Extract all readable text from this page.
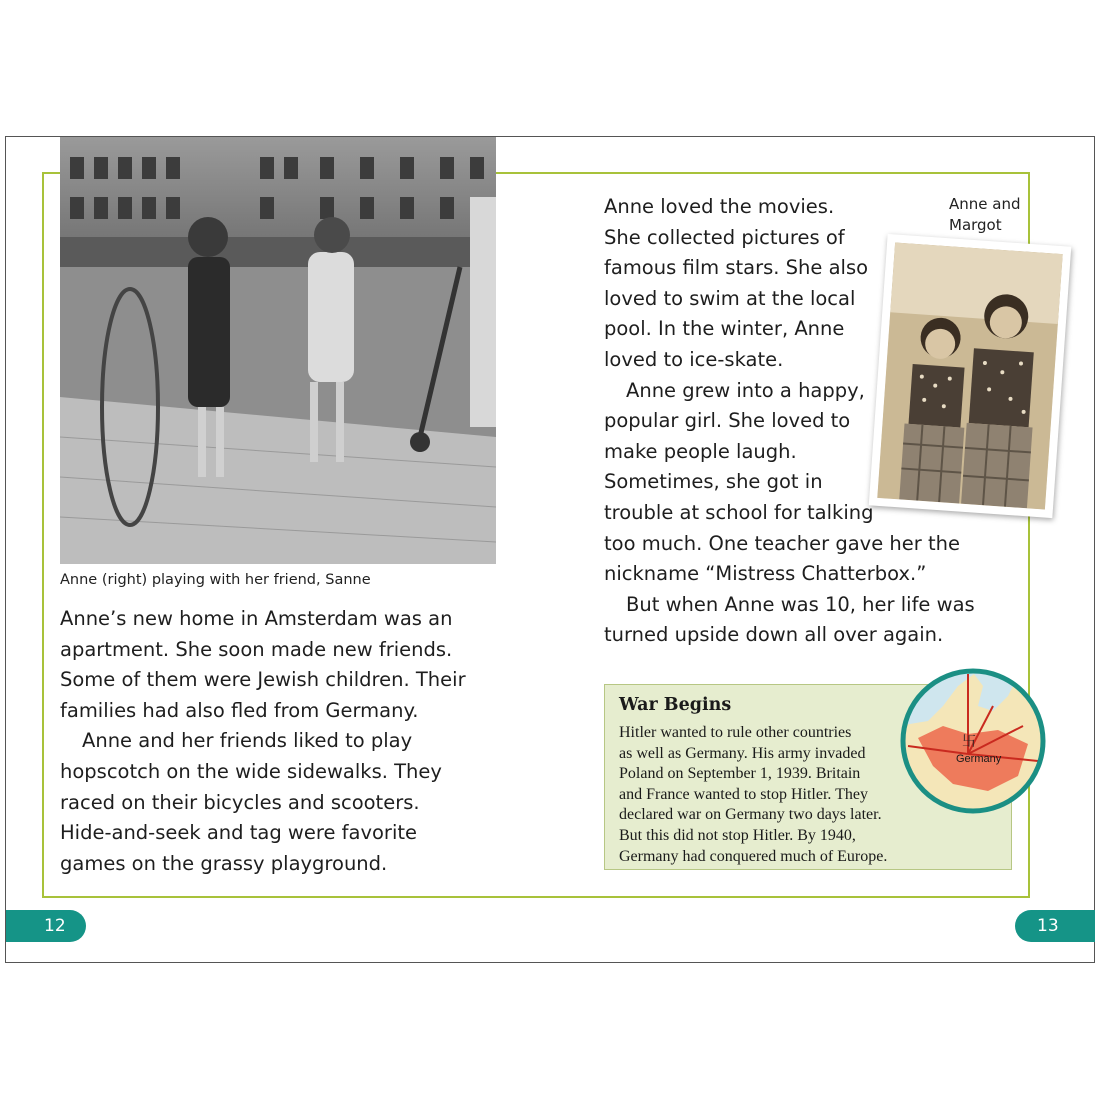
Anne (right) playing with her friend, Sanne

Anne’s new home in Amsterdam was an
apartment. She soon made new friends.
Some of them were Jewish children. Their
families had also fled from Germany.

Anne and her friends liked to play
hopscotch on the wide sidewalks. They
raced on their bicycles and scooters.
Hide-and-seek and tag were favorite
games on the grassy playground.

Anne loved the movies.
She collected pictures of
famous film stars. She also
loved to swim at the local
pool. In the winter, Anne
loved to ice-skate.

Anne grew into a happy,
popular girl. She loved to
make people laugh.
Sometimes, she got in
trouble at school for talking
too much. One teacher gave her the
nickname “Mistress Chatterbox.”

But when Anne was 10, her life was
turned upside down all over again.

Anne and
Margot
War Begins
Hitler wanted to rule other countries
as well as Germany. His army invaded
Poland on September 1, 1939. Britain
and France wanted to stop Hitler. They
declared war on Germany two days later.
But this did not stop Hitler. By 1940,
Germany had conquered much of Europe.
卐
Germany
12	13
